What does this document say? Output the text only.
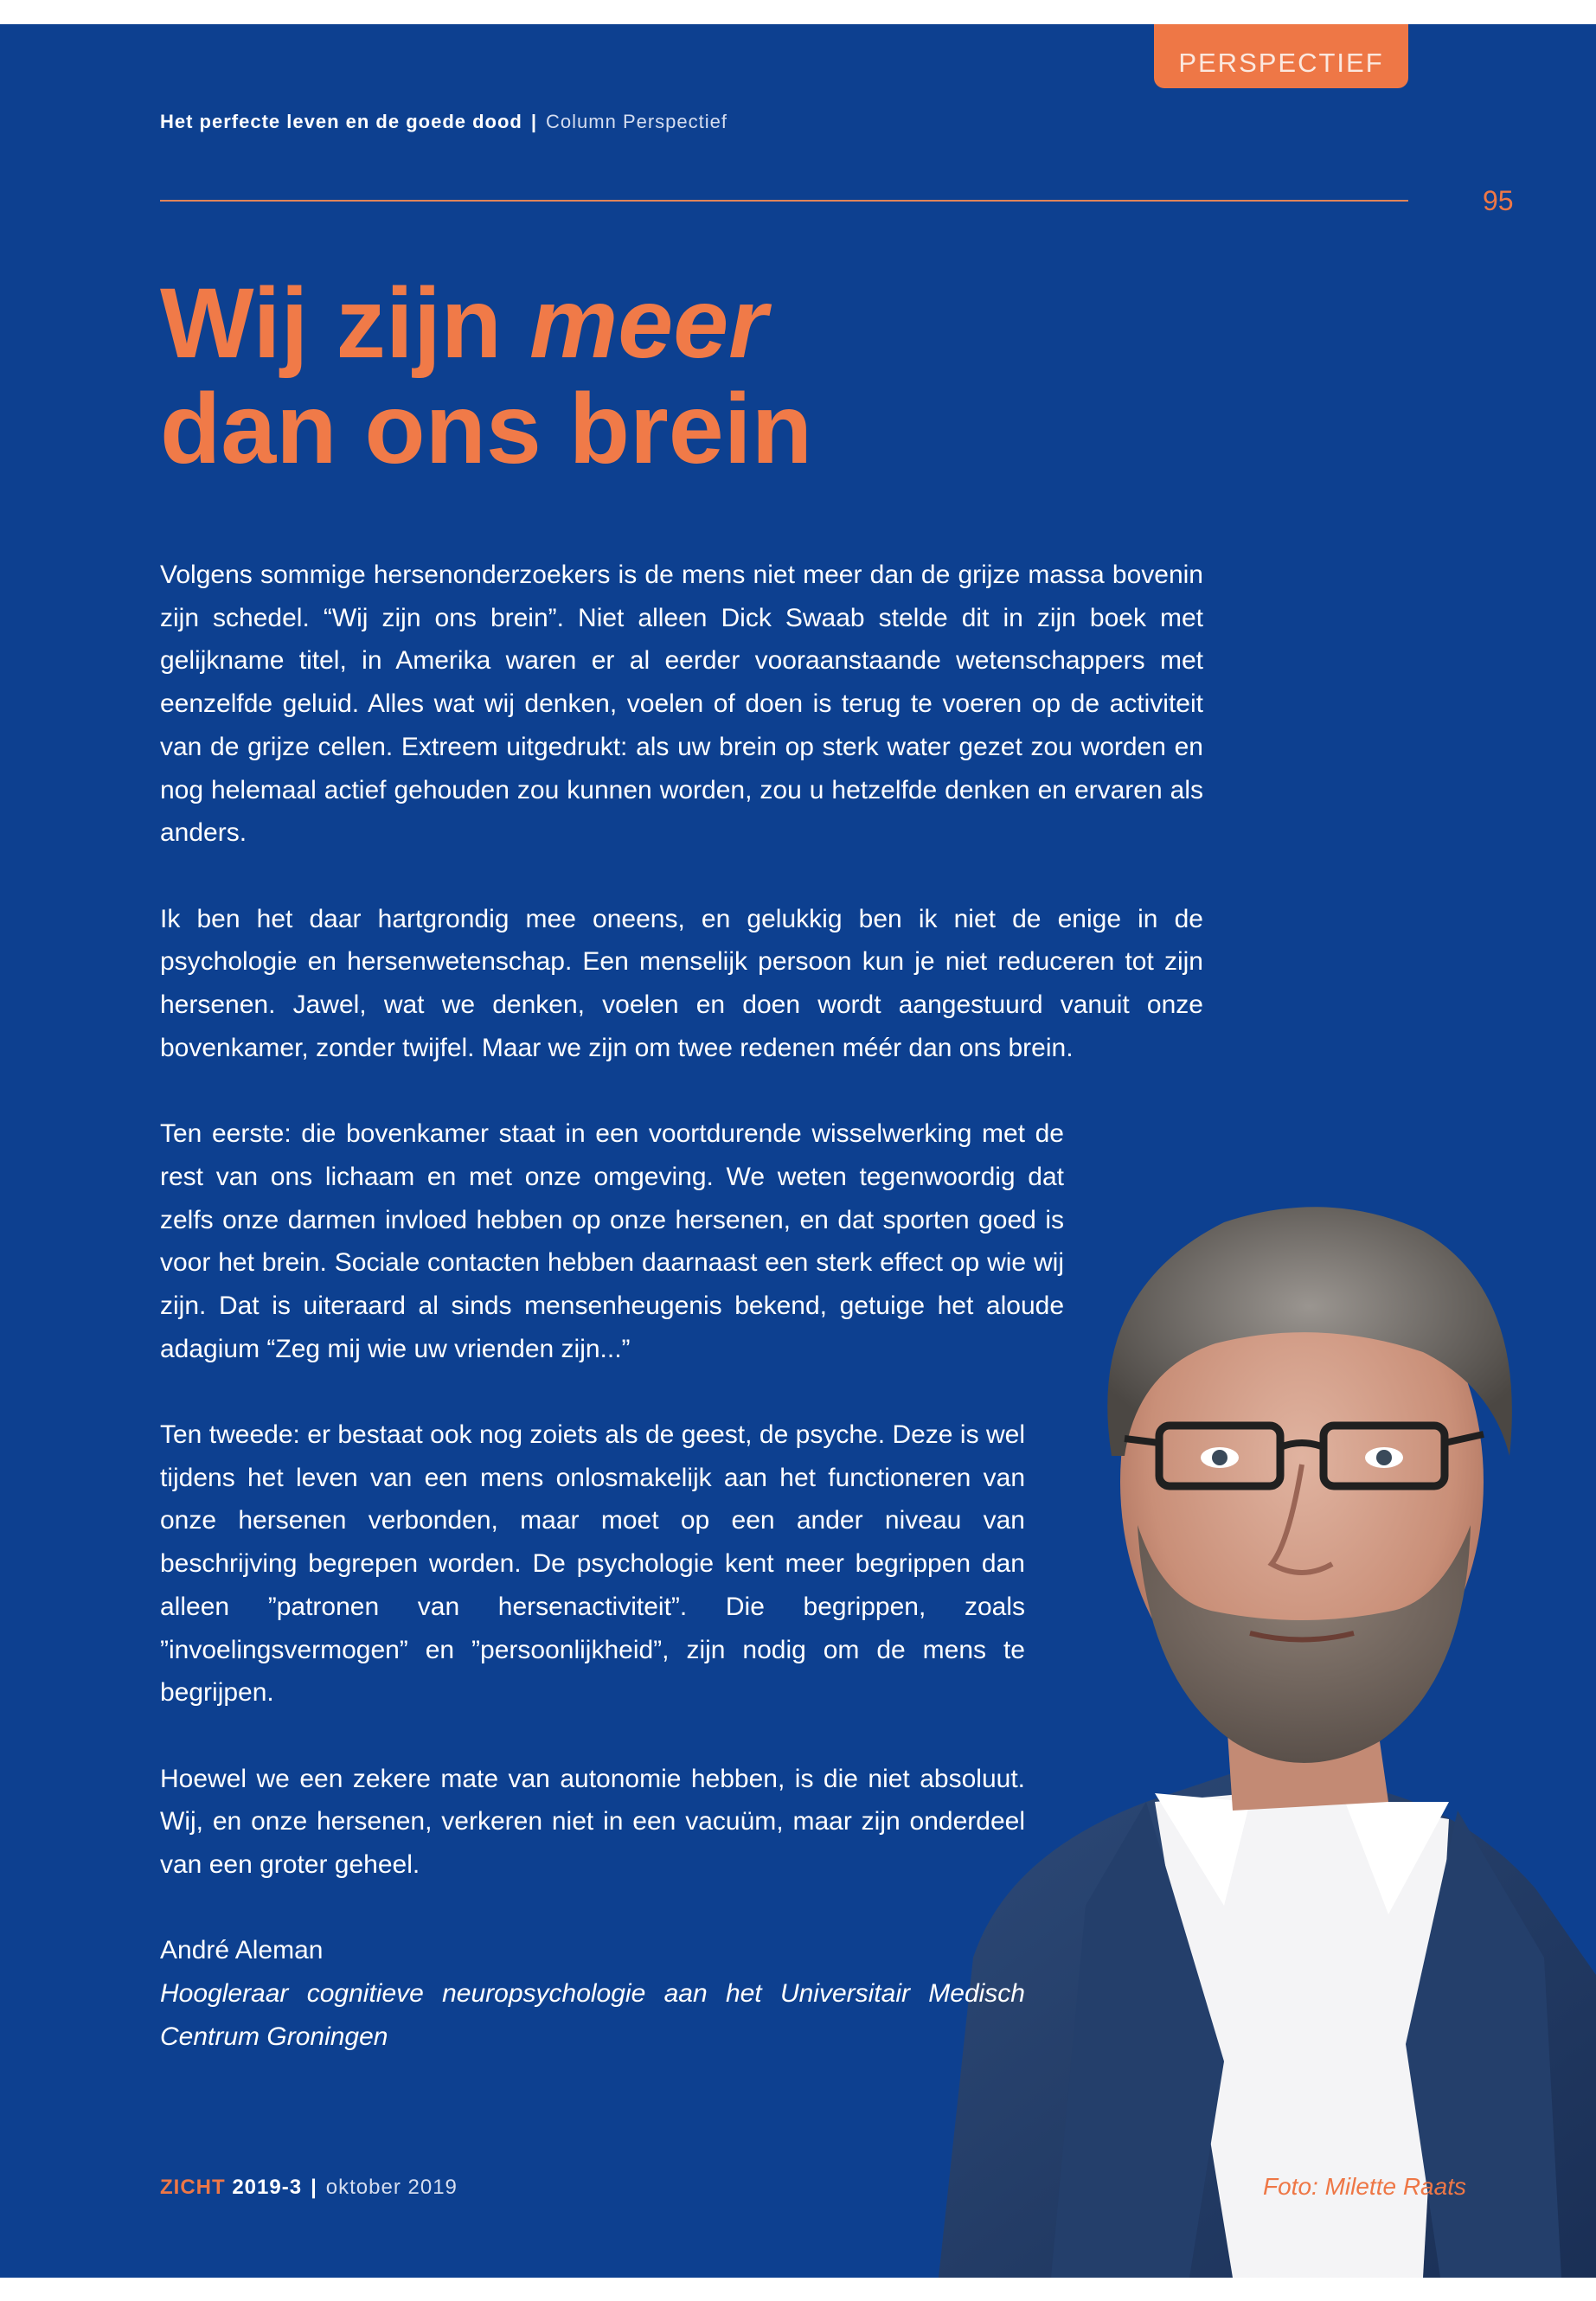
PERSPECTIEF
Het perfecte leven en de goede dood | Column Perspectief
95
Wij zijn meer
dan ons brein

Volgens sommige hersenonderzoekers is de mens niet meer dan de grijze massa bovenin zijn schedel. “Wij zijn ons brein”. Niet alleen Dick Swaab stelde dit in zijn boek met gelijkname titel, in Amerika waren er al eerder vooraanstaande wetenschappers met eenzelfde geluid. Alles wat wij denken, voelen of doen is terug te voeren op de activiteit van de grijze cellen. Extreem uitgedrukt: als uw brein op sterk water gezet zou worden en nog helemaal actief gehouden zou kunnen worden, zou u hetzelfde denken en ervaren als anders.

Ik ben het daar hartgrondig mee oneens, en gelukkig ben ik niet de enige in de psychologie en hersenwetenschap. Een menselijk persoon kun je niet reduceren tot zijn hersenen. Jawel, wat we denken, voelen en doen wordt aangestuurd vanuit onze bovenkamer, zonder twijfel. Maar we zijn om twee redenen méér dan ons brein.

Ten eerste: die bovenkamer staat in een voortdurende wisselwerking met de rest van ons lichaam en met onze omgeving. We weten tegenwoordig dat zelfs onze darmen invloed hebben op onze hersenen, en dat sporten goed is voor het brein. Sociale contacten hebben daarnaast een sterk effect op wie wij zijn. Dat is uiteraard al sinds mensenheugenis bekend, getuige het aloude adagium “Zeg mij wie uw vrienden zijn...”

Ten tweede: er bestaat ook nog zoiets als de geest, de psyche. Deze is wel tijdens het leven van een mens onlosmakelijk aan het functioneren van onze hersenen verbonden, maar moet op een ander niveau van beschrijving begrepen worden. De psychologie kent meer begrippen dan alleen ”patronen van hersenactiviteit”. Die begrippen, zoals ”invoelingsvermogen” en ”persoonlijkheid”, zijn nodig om de mens te begrijpen.

Hoewel we een zekere mate van autonomie hebben, is die niet absoluut. Wij, en onze hersenen, verkeren niet in een vacuüm, maar zijn onderdeel van een groter geheel.

André Aleman
Hoogleraar cognitieve neuropsychologie aan het Universitair Medisch Centrum Groningen
ZICHT 2019-3 | oktober 2019	Foto: Milette Raats
